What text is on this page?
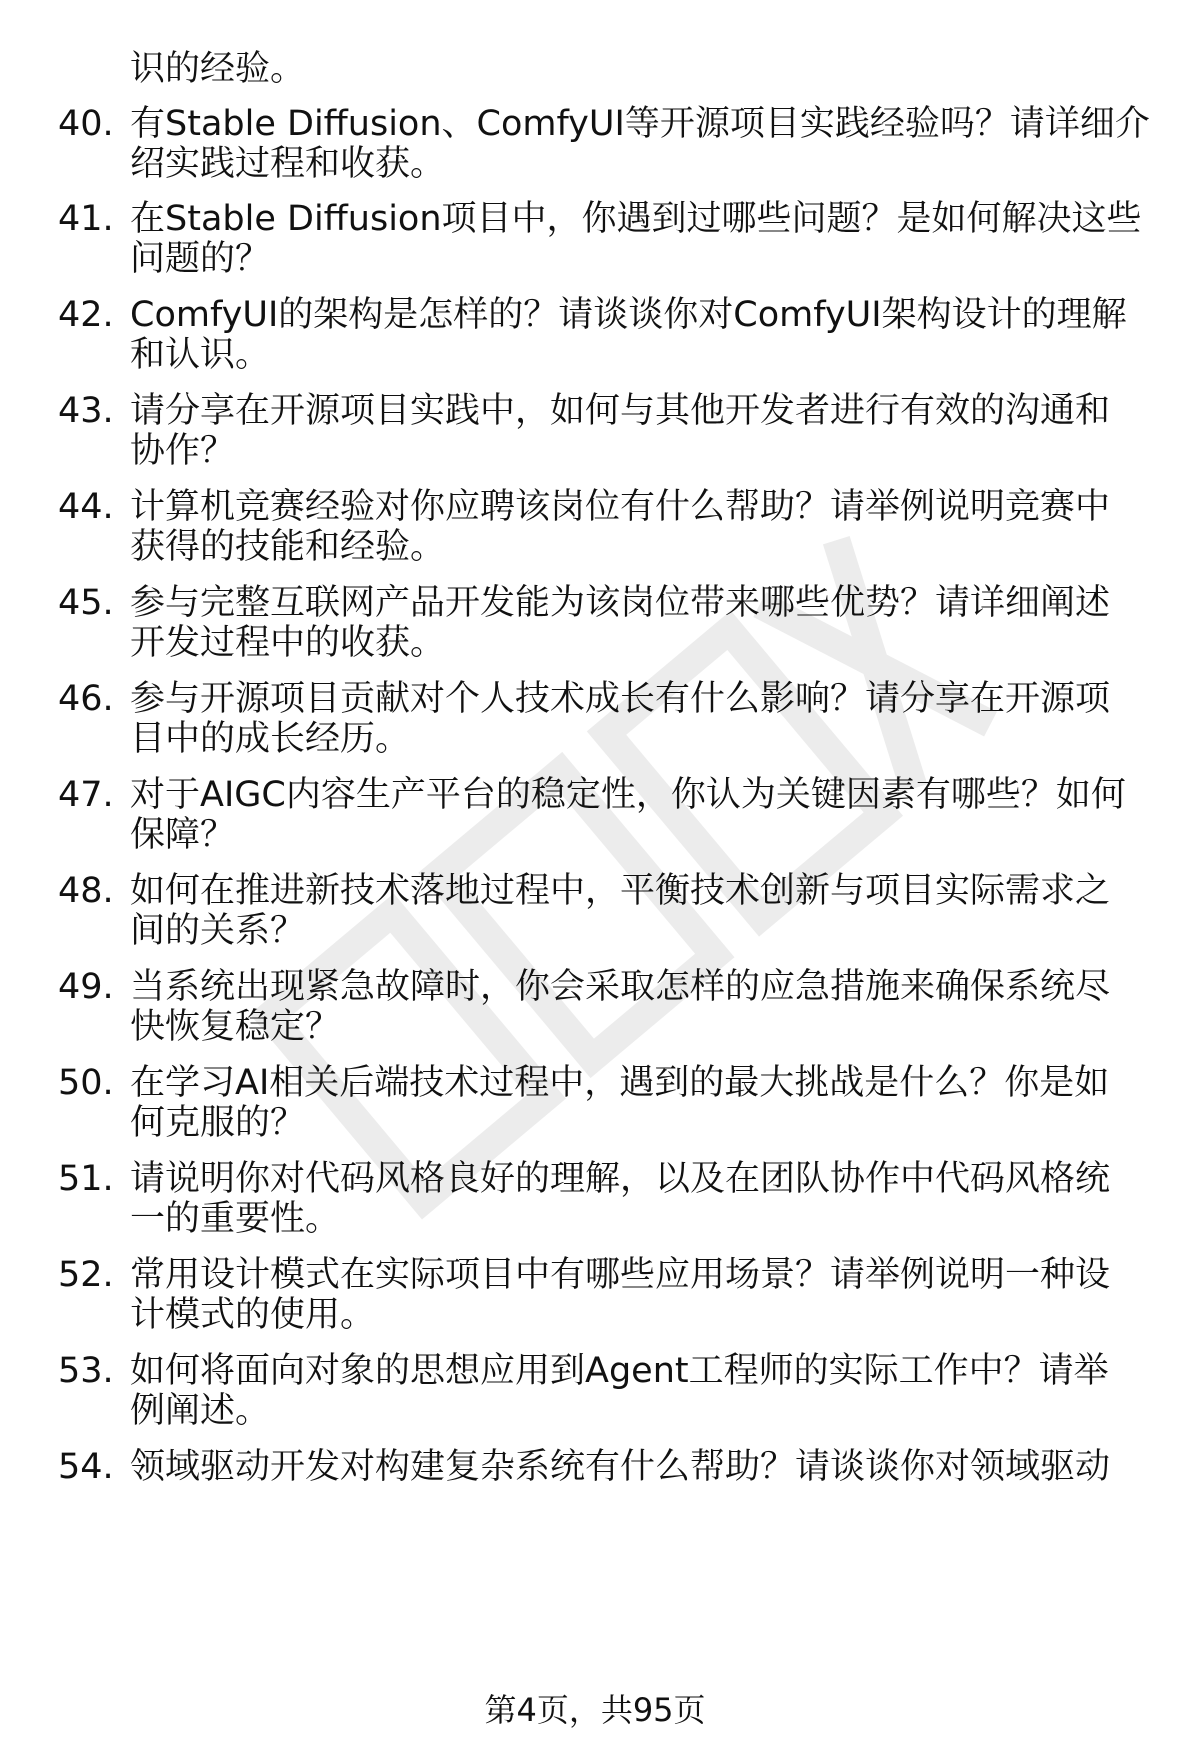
识的经验。
40. 有Stable Diffusion、ComfyUI等开源项目实践经验吗？请详细介
绍实践过程和收获。
41. 在Stable Diffusion项目中，你遇到过哪些问题？是如何解决这些
问题的？
42. ComfyUI的架构是怎样的？请谈谈你对ComfyUI架构设计的理解
和认识。
43. 请分享在开源项目实践中，如何与其他开发者进行有效的沟通和
协作？
44. 计算机竞赛经验对你应聘该岗位有什么帮助？请举例说明竞赛中
获得的技能和经验。
45. 参与完整互联网产品开发能为该岗位带来哪些优势？请详细阐述
开发过程中的收获。
46. 参与开源项目贡献对个人技术成长有什么影响？请分享在开源项
目中的成长经历。
47. 对于AIGC内容生产平台的稳定性，你认为关键因素有哪些？如何
保障？
48. 如何在推进新技术落地过程中，平衡技术创新与项目实际需求之
间的关系？
49. 当系统出现紧急故障时，你会采取怎样的应急措施来确保系统尽
快恢复稳定？
50. 在学习AI相关后端技术过程中，遇到的最大挑战是什么？你是如
何克服的？
51. 请说明你对代码风格良好的理解，以及在团队协作中代码风格统
一的重要性。
52. 常用设计模式在实际项目中有哪些应用场景？请举例说明一种设
计模式的使用。
53. 如何将面向对象的思想应用到Agent工程师的实际工作中？请举
例阐述。
54. 领域驱动开发对构建复杂系统有什么帮助？请谈谈你对领域驱动
第4页，共95页
